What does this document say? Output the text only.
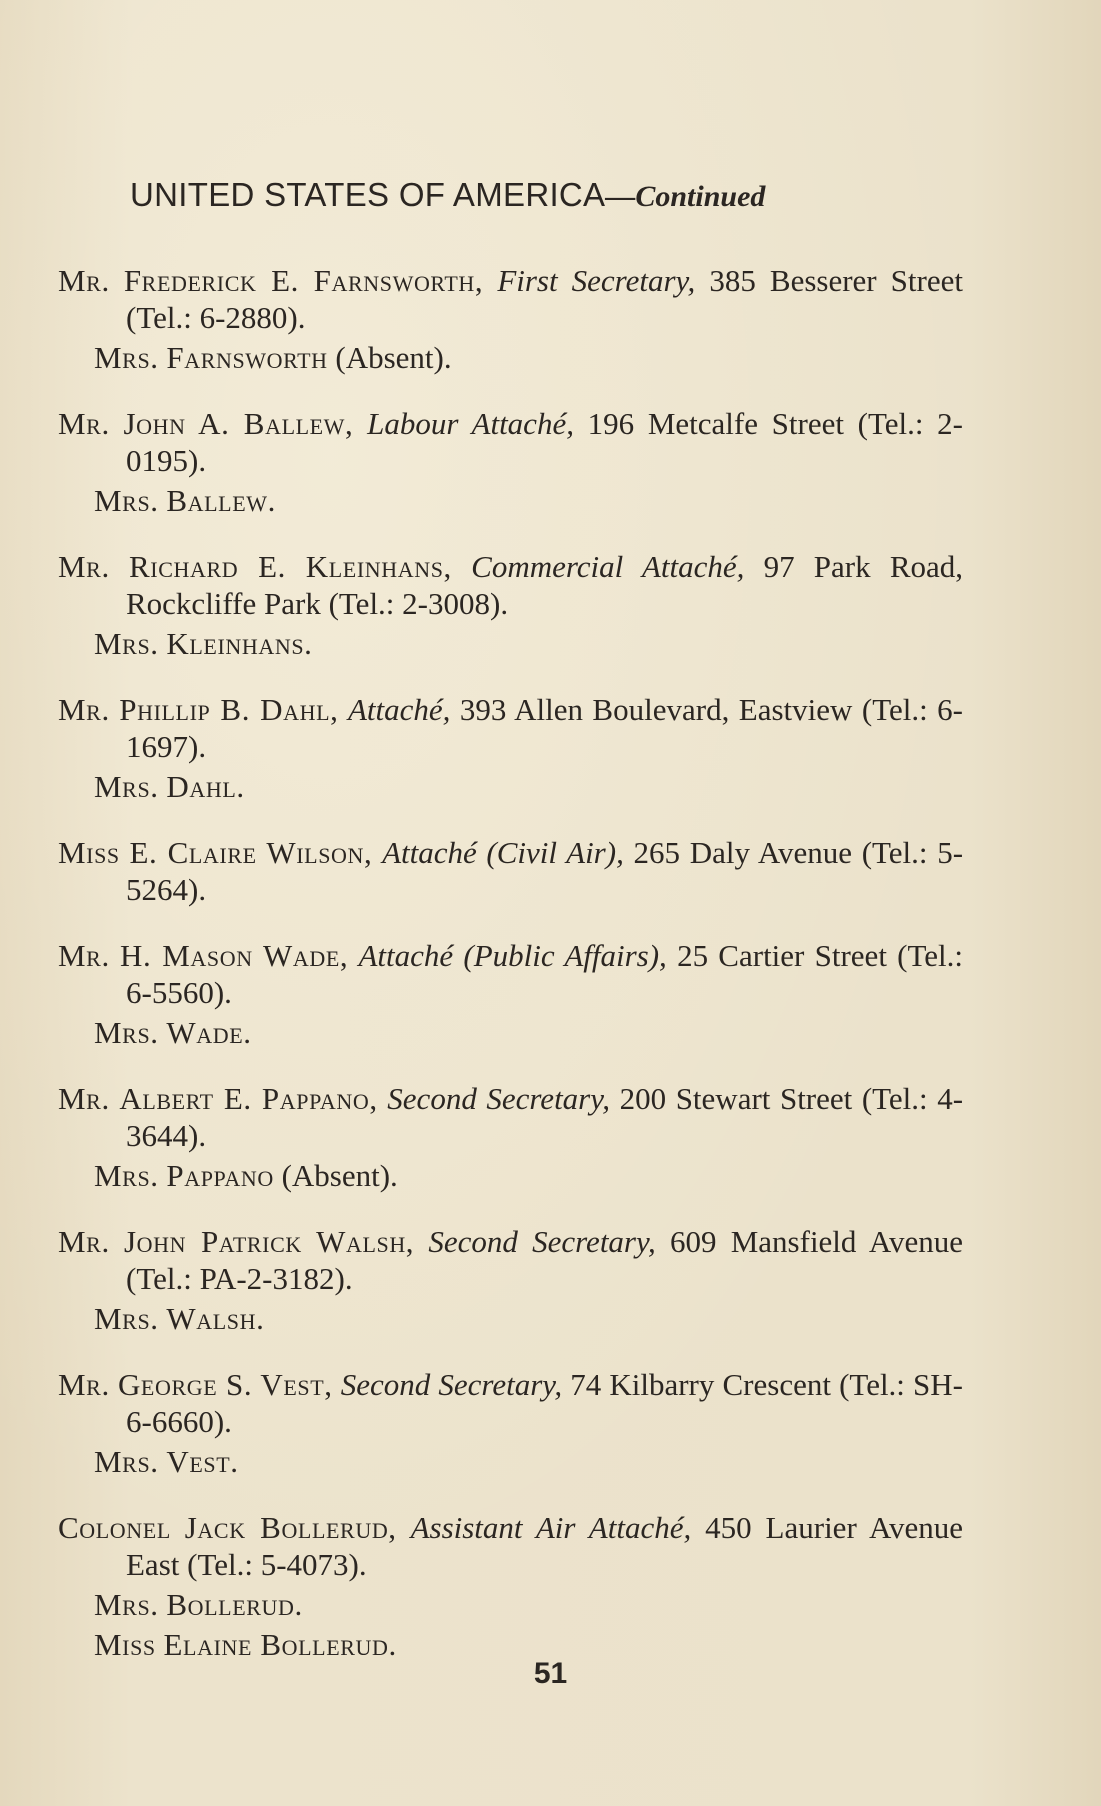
UNITED STATES OF AMERICA—Continued

Mr. Frederick E. Farnsworth, First Secretary, 385 Besserer Street (Tel.: 6-2880).

Mrs. Farnsworth (Absent).

Mr. John A. Ballew, Labour Attaché, 196 Metcalfe Street (Tel.: 2-0195).

Mrs. Ballew.

Mr. Richard E. Kleinhans, Commercial Attaché, 97 Park Road, Rockcliffe Park (Tel.: 2-3008).

Mrs. Kleinhans.

Mr. Phillip B. Dahl, Attaché, 393 Allen Boulevard, Eastview (Tel.: 6-1697).

Mrs. Dahl.

Miss E. Claire Wilson, Attaché (Civil Air), 265 Daly Avenue (Tel.: 5-5264).

Mr. H. Mason Wade, Attaché (Public Affairs), 25 Cartier Street (Tel.: 6-5560).

Mrs. Wade.

Mr. Albert E. Pappano, Second Secretary, 200 Stewart Street (Tel.: 4-3644).

Mrs. Pappano (Absent).

Mr. John Patrick Walsh, Second Secretary, 609 Mansfield Avenue (Tel.: PA-2-3182).

Mrs. Walsh.

Mr. George S. Vest, Second Secretary, 74 Kilbarry Crescent (Tel.: SH-6-6660).

Mrs. Vest.

Colonel Jack Bollerud, Assistant Air Attaché, 450 Laurier Avenue East (Tel.: 5-4073).

Mrs. Bollerud.

Miss Elaine Bollerud.

51
